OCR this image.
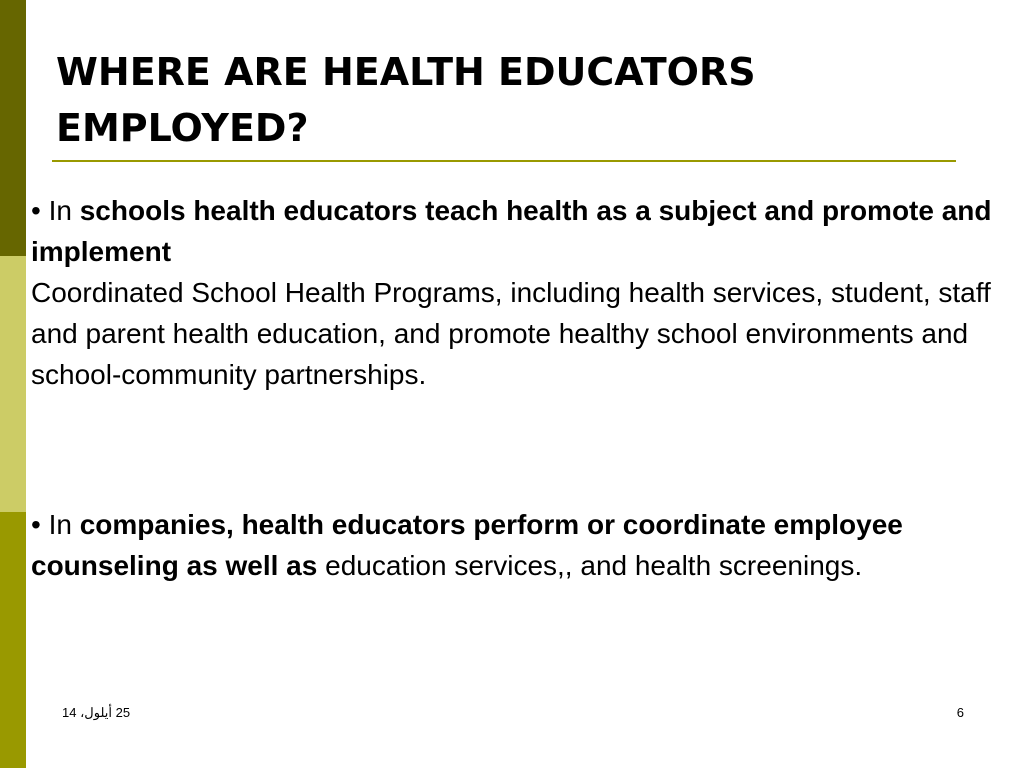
WHERE ARE HEALTH EDUCATORS EMPLOYED?

• In schools health educators teach health as a subject and promote and implement
Coordinated School Health Programs, including health services, student, staff and parent health education, and promote healthy school environments and school-community partnerships.

• In companies, health educators perform or coordinate employee counseling as well as education services,, and health screenings.

25 أيلول، 14	6
